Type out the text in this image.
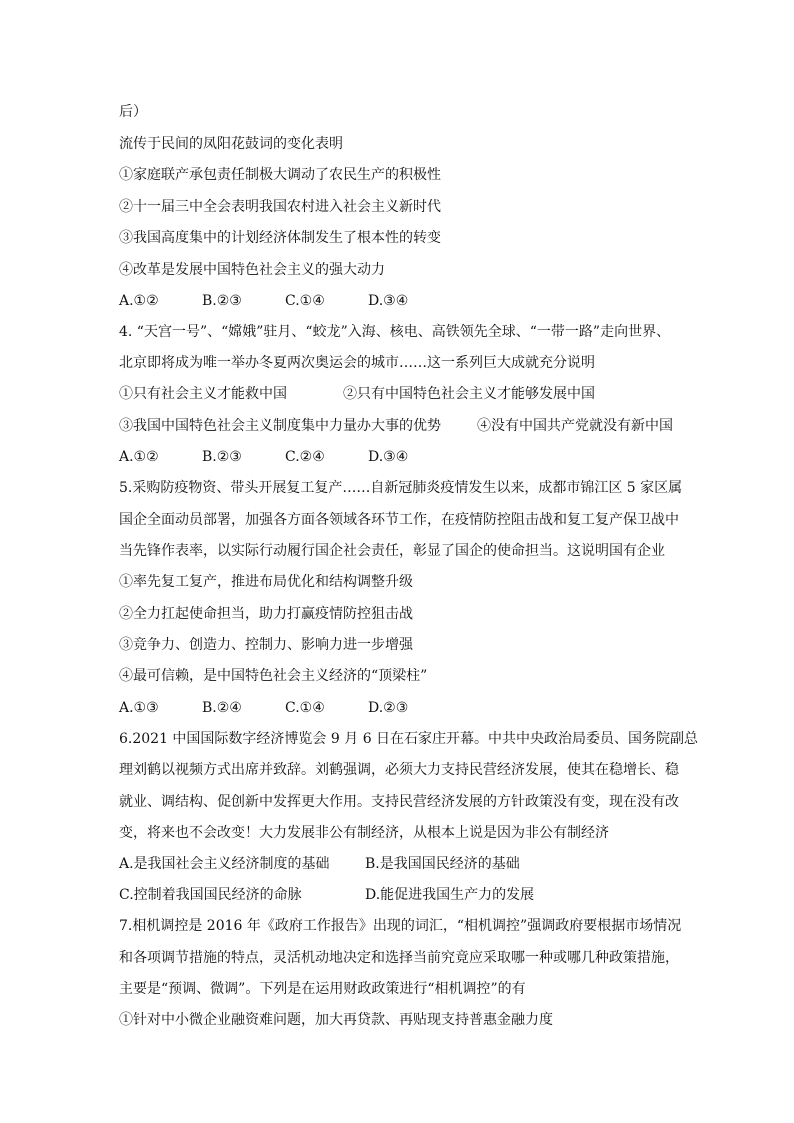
后）
流传于民间的凤阳花鼓词的变化表明
①家庭联产承包责任制极大调动了农民生产的积极性
②十一届三中全会表明我国农村进入社会主义新时代
③我国高度集中的计划经济体制发生了根本性的转变
④改革是发展中国特色社会主义的强大动力
A.①②	B.②③	C.①④	D.③④
4. “天宫一号”、“嫦娥”驻月、“蛟龙”入海、核电、高铁领先全球、“一带一路”走向世界、
北京即将成为唯一举办冬夏两次奥运会的城市……这一系列巨大成就充分说明
①只有社会主义才能救中国	②只有中国特色社会主义才能够发展中国
③我国中国特色社会主义制度集中力量办大事的优势	④没有中国共产党就没有新中国
A.①②	B.②③	C.②④	D.③④
5.采购防疫物资、带头开展复工复产……自新冠肺炎疫情发生以来，成都市锦江区 5 家区属
国企全面动员部署，加强各方面各领域各环节工作，在疫情防控阻击战和复工复产保卫战中
当先锋作表率，以实际行动履行国企社会责任，彰显了国企的使命担当。这说明国有企业
①率先复工复产，推进布局优化和结构调整升级
②全力扛起使命担当，助力打赢疫情防控狙击战
③竞争力、创造力、控制力、影响力进一步增强
④最可信赖，是中国特色社会主义经济的“顶梁柱”
A.①③	B.②④	C.①④	D.②③
6.2021 中国国际数字经济博览会 9 月 6 日在石家庄开幕。中共中央政治局委员、国务院副总
理刘鹤以视频方式出席并致辞。刘鹤强调，必须大力支持民营经济发展，使其在稳增长、稳
就业、调结构、促创新中发挥更大作用。支持民营经济发展的方针政策没有变，现在没有改
变，将来也不会改变！大力发展非公有制经济，从根本上说是因为非公有制经济
A.是我国社会主义经济制度的基础	B.是我国国民经济的基础
C.控制着我国国民经济的命脉	D.能促进我国生产力的发展
7.相机调控是 2016 年《政府工作报告》出现的词汇，“相机调控”强调政府要根据市场情况
和各项调节措施的特点，灵活机动地决定和选择当前究竟应采取哪一种或哪几种政策措施，
主要是“预调、微调”。下列是在运用财政政策进行“相机调控”的有
①针对中小微企业融资难问题，加大再贷款、再贴现支持普惠金融力度
